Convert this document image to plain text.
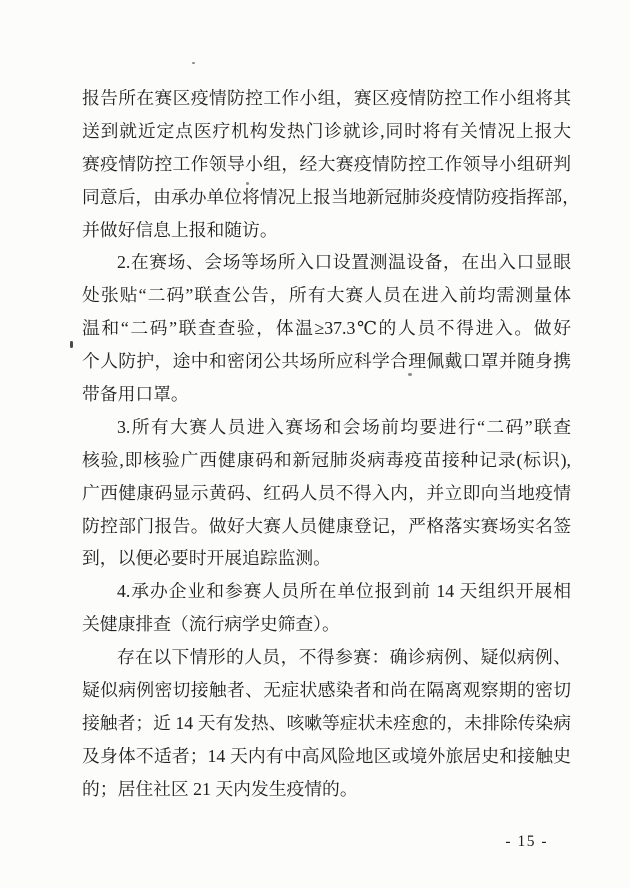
报告所在赛区疫情防控工作小组，赛区疫情防控工作小组将其
送到就近定点医疗机构发热门诊就诊,同时将有关情况上报大
赛疫情防控工作领导小组，经大赛疫情防控工作领导小组研判
同意后，由承办单位将情况上报当地新冠肺炎疫情防疫指挥部，
并做好信息上报和随访。
2.在赛场、会场等场所入口设置测温设备，在出入口显眼
处张贴“二码”联查公告，所有大赛人员在进入前均需测量体
温和“二码”联查查验，体温≥37.3℃的人员不得进入。做好
个人防护，途中和密闭公共场所应科学合理佩戴口罩并随身携
带备用口罩。
3.所有大赛人员进入赛场和会场前均要进行“二码”联查
核验,即核验广西健康码和新冠肺炎病毒疫苗接种记录(标识),
广西健康码显示黄码、红码人员不得入内，并立即向当地疫情
防控部门报告。做好大赛人员健康登记，严格落实赛场实名签
到，以便必要时开展追踪监测。
4.承办企业和参赛人员所在单位报到前 14 天组织开展相
关健康排查（流行病学史筛查）。
存在以下情形的人员，不得参赛：确诊病例、疑似病例、
疑似病例密切接触者、无症状感染者和尚在隔离观察期的密切
接触者；近 14 天有发热、咳嗽等症状未痊愈的，未排除传染病
及身体不适者；14 天内有中高风险地区或境外旅居史和接触史
的；居住社区 21 天内发生疫情的。
- 15 -
